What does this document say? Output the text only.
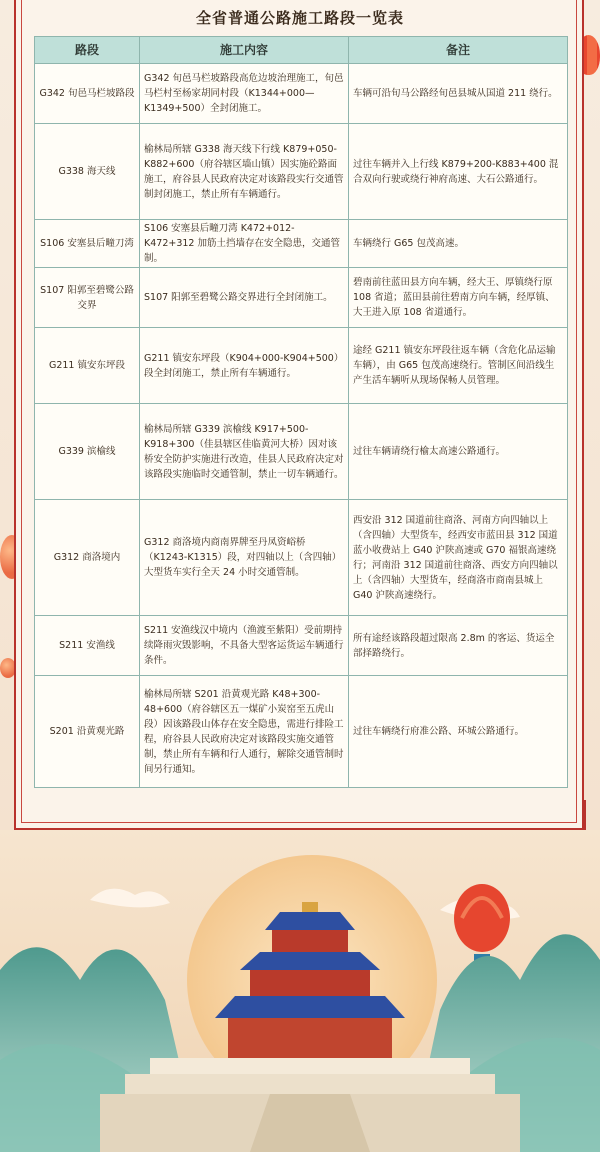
全省普通公路施工路段一览表
路段	施工内容	备注
G342 旬邑马栏坡路段	G342 旬邑马栏坡路段高危边坡治理施工，旬邑马栏村至杨家胡同村段（K1344+000—K1349+500）全封闭施工。	车辆可沿旬马公路经旬邑县城从国道 211 绕行。
G338 海天线	榆林局所辖 G338 海天线下行线 K879+050-K882+600（府谷辖区墙山镇）因实施砼路面施工，府谷县人民政府决定对该路段实行交通管制封闭施工，禁止所有车辆通行。	过往车辆并入上行线 K879+200-K883+400 混合双向行驶或绕行神府高速、大石公路通行。
S106 安塞县后疃刀湾	S106 安塞县后疃刀湾 K472+012-K472+312 加筋土挡墙存在安全隐患，交通管制。	车辆绕行 G65 包茂高速。
S107 阳郭至碧鹭公路交界	S107 阳郭至碧鹭公路交界进行全封闭施工。	碧南前往蓝田县方向车辆，经大王、厚镇绕行原 108 省道；蓝田县前往碧南方向车辆，经厚镇、大王进入原 108 省道通行。
G211 镇安东坪段	G211 镇安东坪段（K904+000-K904+500）段全封闭施工，禁止所有车辆通行。	途经 G211 镇安东坪段往返车辆（含危化品运输车辆），由 G65 包茂高速绕行。管制区间沿线生产生活车辆听从现场保畅人员管理。
G339 滨榆线	榆林局所辖 G339 滨榆线 K917+500-K918+300（佳县辖区佳临黄河大桥）因对该桥安全防护实施进行改造，佳县人民政府决定对该路段实施临时交通管制，禁止一切车辆通行。	过往车辆请绕行榆太高速公路通行。
G312 商洛境内	G312 商洛境内商南界牌至丹凤资峪桥（K1243-K1315）段，对四轴以上（含四轴）大型货车实行全天 24 小时交通管制。	西安沿 312 国道前往商洛、河南方向四轴以上（含四轴）大型货车，经西安市蓝田县 312 国道蓝小收费站上 G40 沪陕高速或 G70 福银高速绕行；河南沿 312 国道前往商洛、西安方向四轴以上（含四轴）大型货车，经商洛市商南县城上 G40 沪陕高速绕行。
S211 安渔线	S211 安渔线汉中境内（渔渡至紫阳）受前期持续降雨灾毁影响，不具备大型客运货运车辆通行条件。	所有途经该路段超过限高 2.8m 的客运、货运全部择路绕行。
S201 沿黄观光路	榆林局所辖 S201 沿黄观光路 K48+300-48+600（府谷辖区五一煤矿小炭窑至五虎山段）因该路段山体存在安全隐患，需进行排险工程，府谷县人民政府决定对该路段实施交通管制，禁止所有车辆和行人通行，解除交通管制时间另行通知。	过往车辆绕行府准公路、环城公路通行。
